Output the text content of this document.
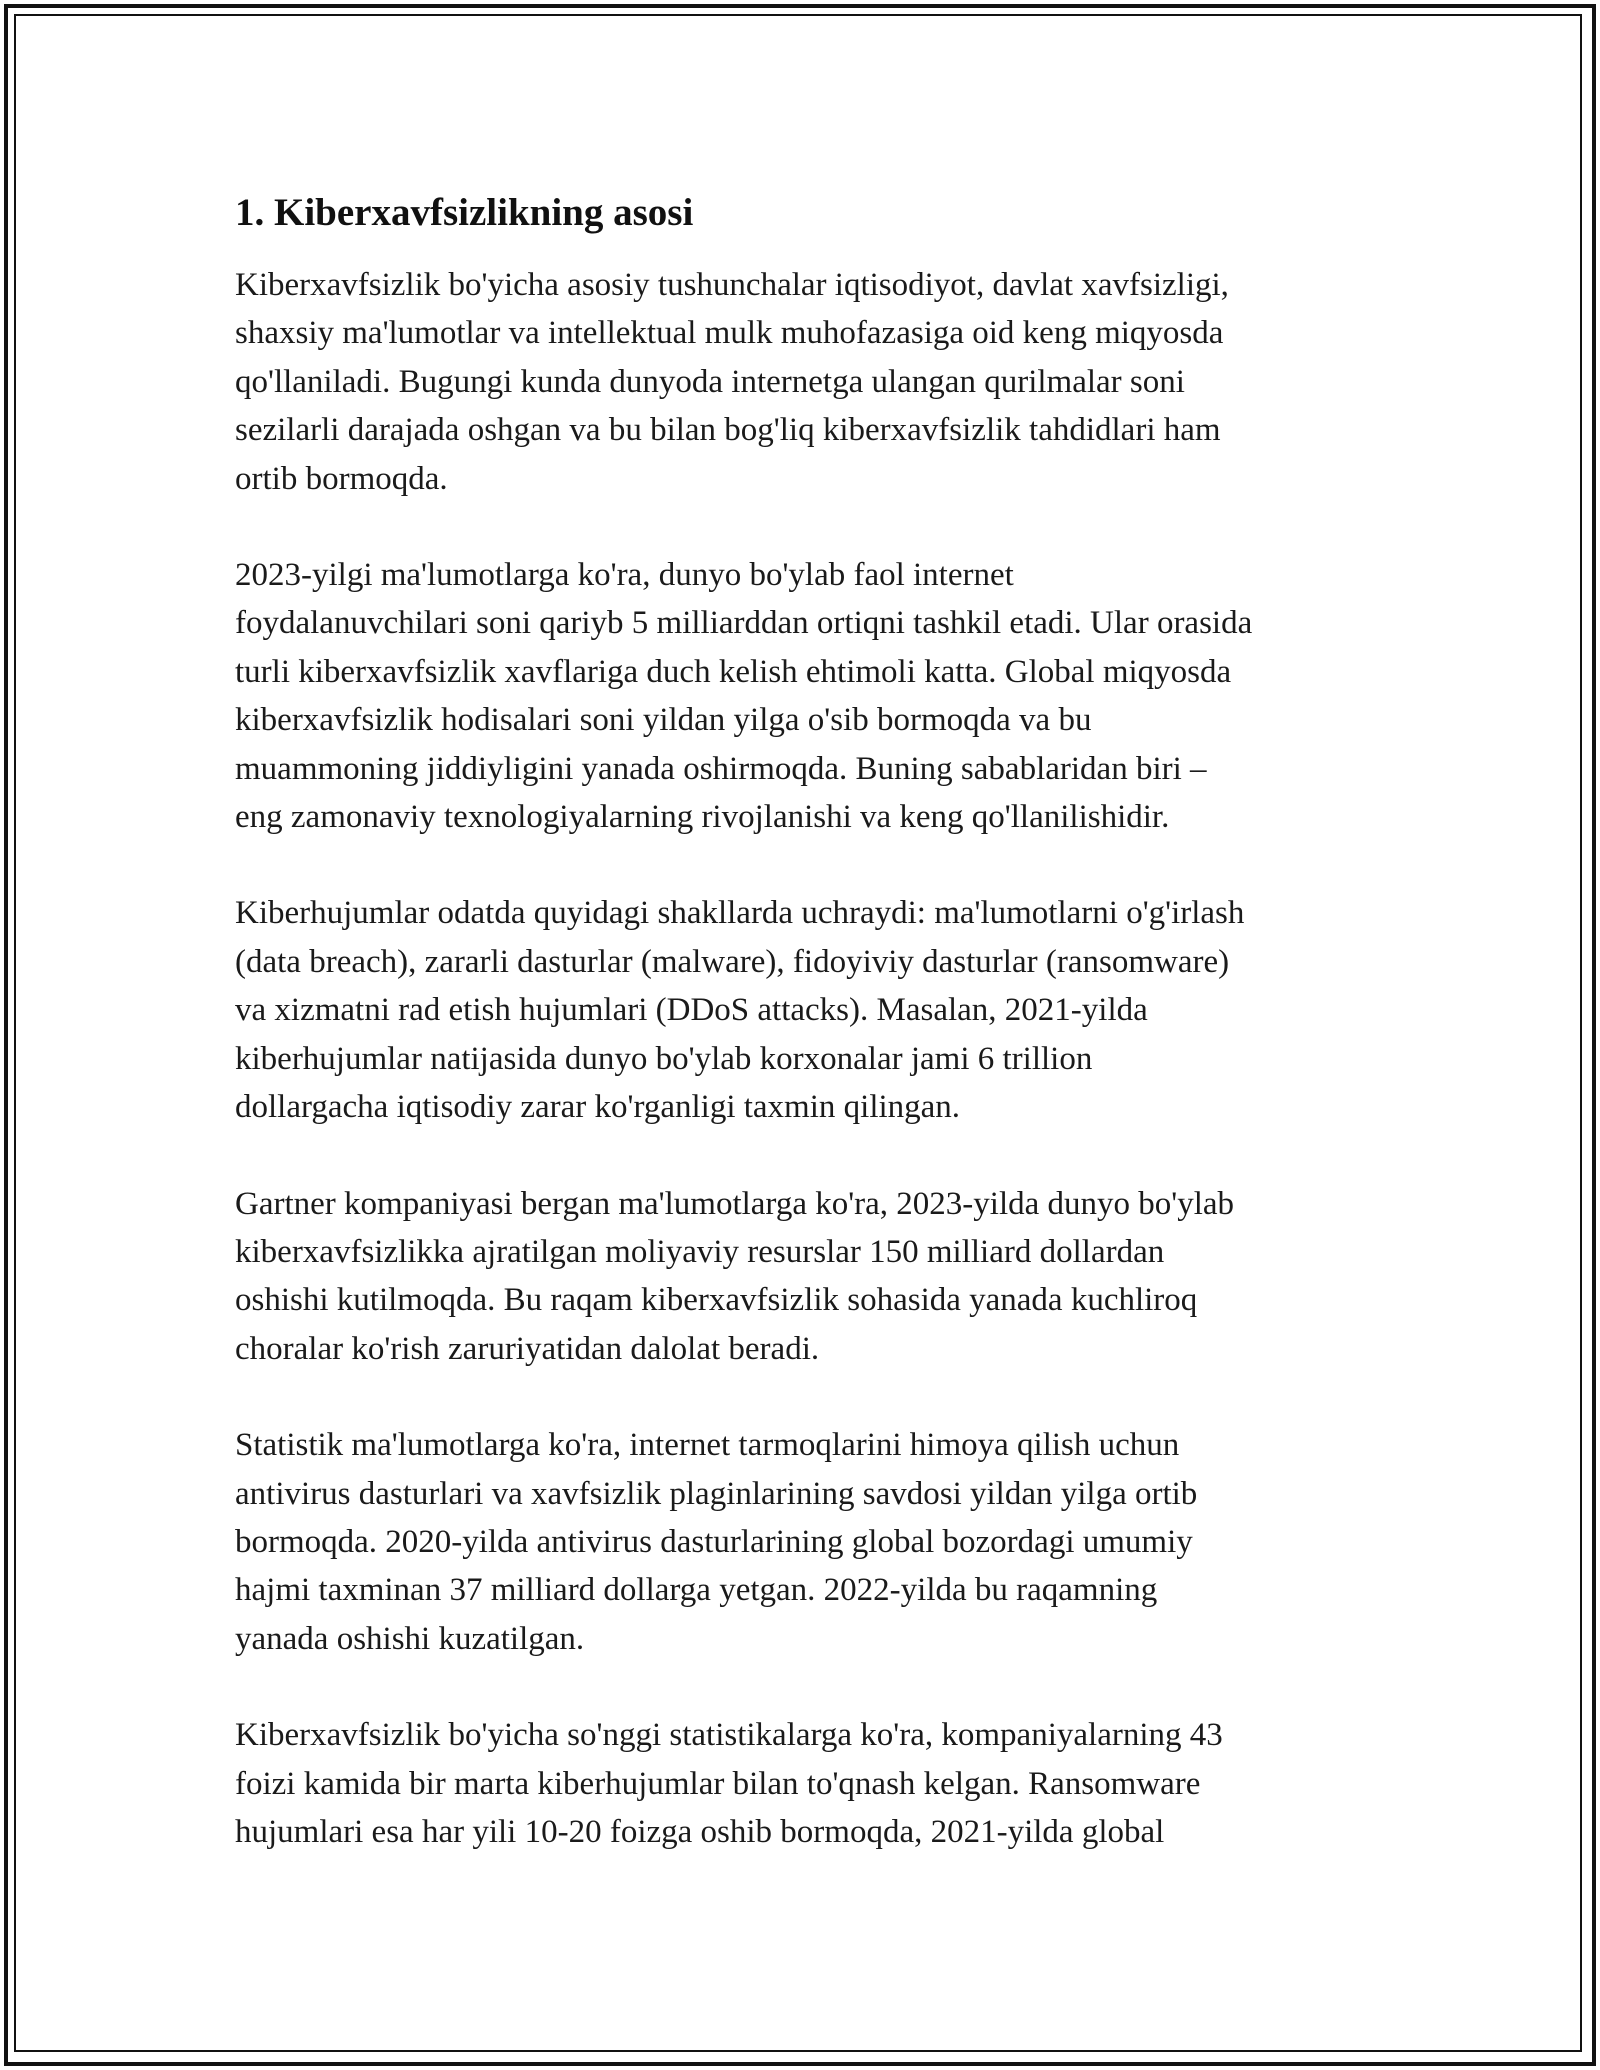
1. Kiberxavfsizlikning asosi

Kiberxavfsizlik bo'yicha asosiy tushunchalar iqtisodiyot, davlat xavfsizligi,
shaxsiy ma'lumotlar va intellektual mulk muhofazasiga oid keng miqyosda
qo'llaniladi. Bugungi kunda dunyoda internetga ulangan qurilmalar soni
sezilarli darajada oshgan va bu bilan bog'liq kiberxavfsizlik tahdidlari ham
ortib bormoqda.

2023-yilgi ma'lumotlarga ko'ra, dunyo bo'ylab faol internet
foydalanuvchilari soni qariyb 5 milliarddan ortiqni tashkil etadi. Ular orasida
turli kiberxavfsizlik xavflariga duch kelish ehtimoli katta. Global miqyosda
kiberxavfsizlik hodisalari soni yildan yilga o'sib bormoqda va bu
muammoning jiddiyligini yanada oshirmoqda. Buning sabablaridan biri –
eng zamonaviy texnologiyalarning rivojlanishi va keng qo'llanilishidir.

Kiberhujumlar odatda quyidagi shakllarda uchraydi: ma'lumotlarni o'g'irlash
(data breach), zararli dasturlar (malware), fidoyiviy dasturlar (ransomware)
va xizmatni rad etish hujumlari (DDoS attacks). Masalan, 2021-yilda
kiberhujumlar natijasida dunyo bo'ylab korxonalar jami 6 trillion
dollargacha iqtisodiy zarar ko'rganligi taxmin qilingan.

Gartner kompaniyasi bergan ma'lumotlarga ko'ra, 2023-yilda dunyo bo'ylab
kiberxavfsizlikka ajratilgan moliyaviy resurslar 150 milliard dollardan
oshishi kutilmoqda. Bu raqam kiberxavfsizlik sohasida yanada kuchliroq
choralar ko'rish zaruriyatidan dalolat beradi.

Statistik ma'lumotlarga ko'ra, internet tarmoqlarini himoya qilish uchun
antivirus dasturlari va xavfsizlik plaginlarining savdosi yildan yilga ortib
bormoqda. 2020-yilda antivirus dasturlarining global bozordagi umumiy
hajmi taxminan 37 milliard dollarga yetgan. 2022-yilda bu raqamning
yanada oshishi kuzatilgan.

Kiberxavfsizlik bo'yicha so'nggi statistikalarga ko'ra, kompaniyalarning 43
foizi kamida bir marta kiberhujumlar bilan to'qnash kelgan. Ransomware
hujumlari esa har yili 10-20 foizga oshib bormoqda, 2021-yilda global
